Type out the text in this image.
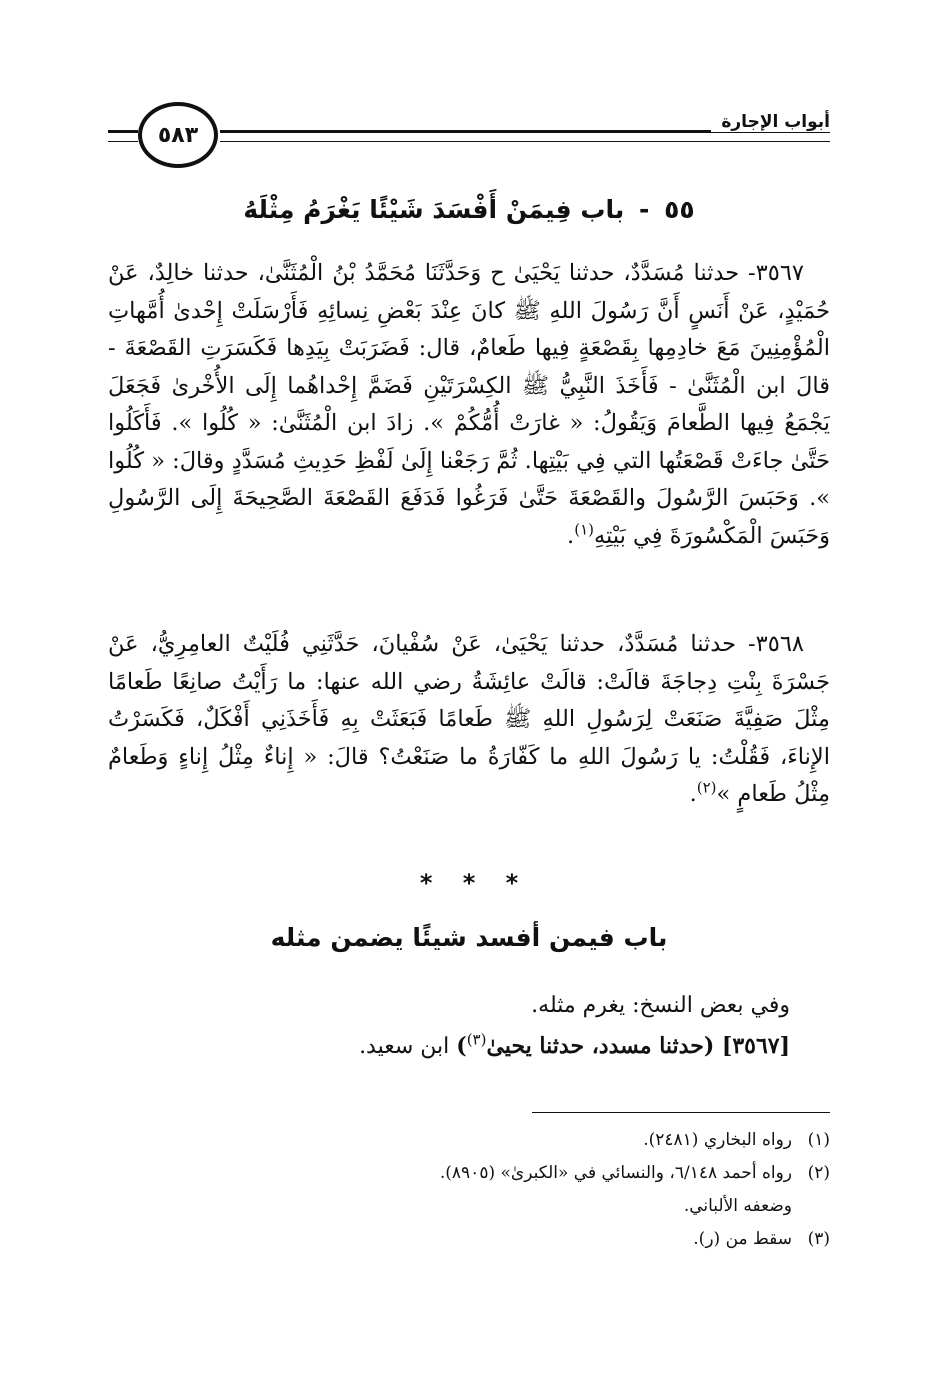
أبواب الإجارة
٥٨٣
٥٥ - باب فِيمَنْ أَفْسَدَ شَيْئًا يَغْرَمُ مِثْلَهُ

٣٥٦٧- حدثنا مُسَدَّدٌ، حدثنا يَحْيَىٰ ح وَحَدَّثَنَا مُحَمَّدُ بْنُ الْمُثَنَّىٰ، حدثنا خالِدٌ، عَنْ حُمَيْدٍ، عَنْ أَنَسٍ أَنَّ رَسُولَ اللهِ ﷺ كانَ عِنْدَ بَعْضِ نِسائِهِ فَأَرْسَلَتْ إِحْدىٰ أُمَّهاتِ الْمُؤْمِنِينَ مَعَ خادِمِها بِقَصْعَةٍ فِيها طَعامٌ، قال: فَضَرَبَتْ بِيَدِها فَكَسَرَتِ القَصْعَةَ - قالَ ابن الْمُثَنَّىٰ - فَأَخَذَ النَّبِيُّ ﷺ الكِسْرَتَيْنِ فَضَمَّ إِحْداهُما إِلَى الأُخْرىٰ فَجَعَلَ يَجْمَعُ فِيها الطَّعامَ وَيَقُولُ: « غارَتْ أُمُّكُمْ ». زادَ ابن الْمُثَنَّىٰ: « كُلُوا ». فَأَكَلُوا حَتَّىٰ جاءَتْ قَصْعَتُها التي فِي بَيْتِها. ثُمَّ رَجَعْنا إِلَىٰ لَفْظِ حَدِيثِ مُسَدَّدٍ وقالَ: « كُلُوا ». وَحَبَسَ الرَّسُولَ والقَصْعَةَ حَتَّىٰ فَرَغُوا فَدَفَعَ القَصْعَةَ الصَّحِيحَةَ إِلَى الرَّسُولِ وَحَبَسَ الْمَكْسُورَةَ فِي بَيْتِهِ$^{(١)}$.

٣٥٦٨- حدثنا مُسَدَّدٌ، حدثنا يَحْيَىٰ، عَنْ سُفْيانَ، حَدَّثَنِي فُلَيْتٌ العامِرِيُّ، عَنْ جَسْرَةَ بِنْتِ دِجاجَةَ قالَتْ: قالَتْ عائِشَةُ رضي الله عنها: ما رَأَيْتُ صانِعًا طَعامًا مِثْلَ صَفِيَّةَ صَنَعَتْ لِرَسُولِ اللهِ ﷺ طَعامًا فَبَعَثَتْ بِهِ فَأَخَذَنِي أَفْكَلٌ، فَكَسَرْتُ الإِناءَ، فَقُلْتُ: يا رَسُولَ اللهِ ما كَفّارَةُ ما صَنَعْتُ؟ قالَ: « إِناءٌ مِثْلُ إِناءٍ وَطَعامٌ مِثْلُ طَعامٍ »$^{(٢)}$.

* * *
باب فيمن أفسد شيئًا يضمن مثله

وفي بعض النسخ: يغرم مثله.

[٣٥٦٧] (حدثنا مسدد، حدثنا يحيىٰ$^{(٣)}$) ابن سعيد.

(١)
رواه البخاري (٢٤٨١).
(٢)
رواه أحمد ٦/١٤٨، والنسائي في «الكبرىٰ» (٨٩٠٥).
وضعفه الألباني.
(٣)
سقط من (ر).
